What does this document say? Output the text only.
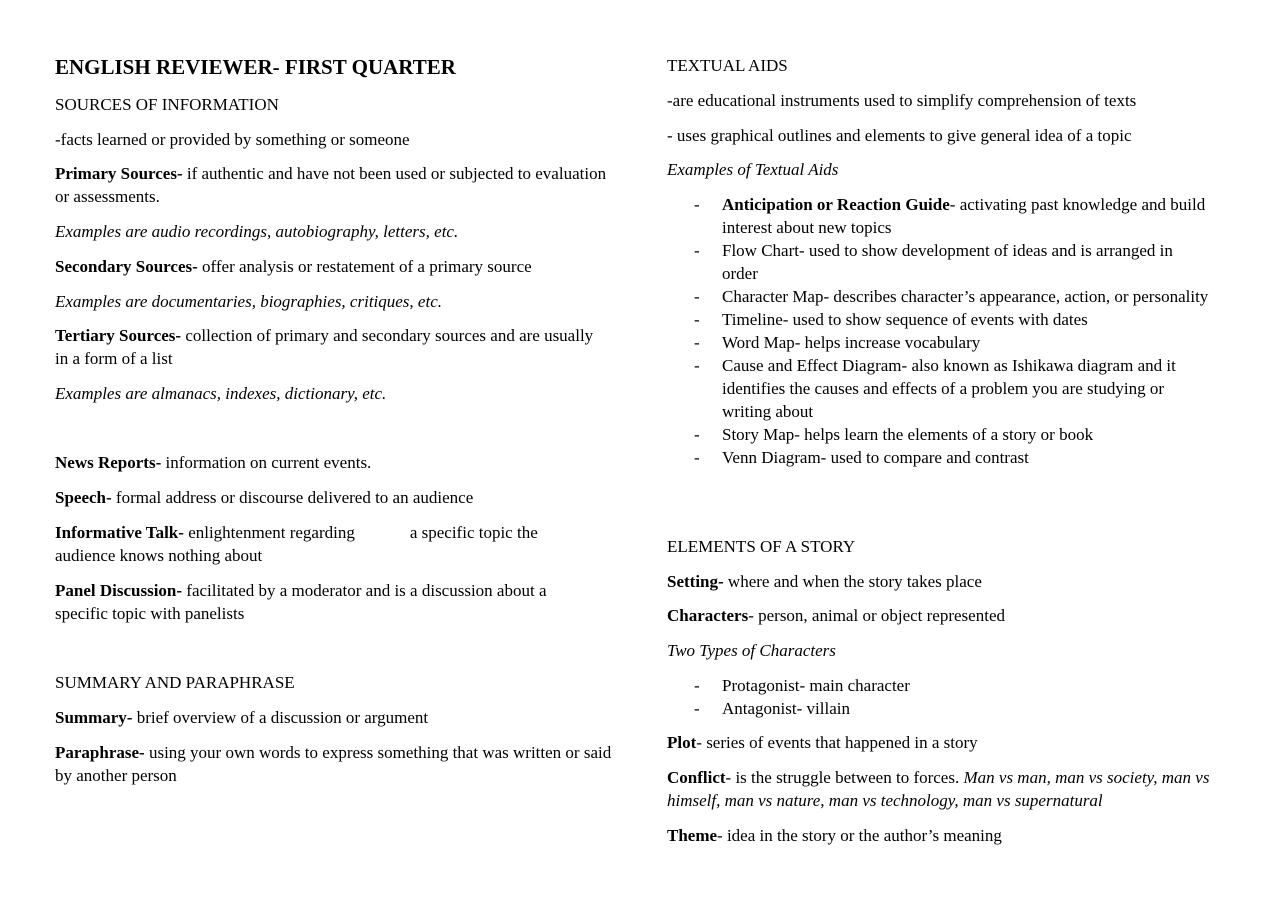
ENGLISH REVIEWER- FIRST QUARTER

SOURCES OF INFORMATION

-facts learned or provided by something or someone

Primary Sources- if authentic and have not been used or subjected to evaluation or assessments.

Examples are audio recordings, autobiography, letters, etc.

Secondary Sources- offer analysis or restatement of a primary source

Examples are documentaries, biographies, critiques, etc.

Tertiary Sources- collection of primary and secondary sources and are usually in a form of a list

Examples are almanacs, indexes, dictionary, etc.

News Reports- information on current events.

Speech- formal address or discourse delivered to an audience

Informative Talk- enlightenment regarding	a specific topic the audience knows nothing about

Panel Discussion- facilitated by a moderator and is a discussion about a specific topic with panelists

SUMMARY AND PARAPHRASE

Summary- brief overview of a discussion or argument

Paraphrase- using your own words to express something that was written or said by another person

TEXTUAL AIDS

-are educational instruments used to simplify comprehension of texts

- uses graphical outlines and elements to give general idea of a topic

Examples of Textual Aids

- Anticipation or Reaction Guide- activating past knowledge and build interest about new topics
- Flow Chart- used to show development of ideas and is arranged in order
- Character Map- describes character’s appearance, action, or personality
- Timeline- used to show sequence of events with dates
- Word Map- helps increase vocabulary
- Cause and Effect Diagram- also known as Ishikawa diagram and it identifies the causes and effects of a problem you are studying or writing about
- Story Map- helps learn the elements of a story or book
- Venn Diagram- used to compare and contrast

ELEMENTS OF A STORY

Setting- where and when the story takes place

Characters- person, animal or object represented

Two Types of Characters

- Protagonist- main character
- Antagonist- villain

Plot- series of events that happened in a story

Conflict- is the struggle between to forces. Man vs man, man vs society, man vs himself, man vs nature, man vs technology, man vs supernatural

Theme- idea in the story or the author’s meaning
